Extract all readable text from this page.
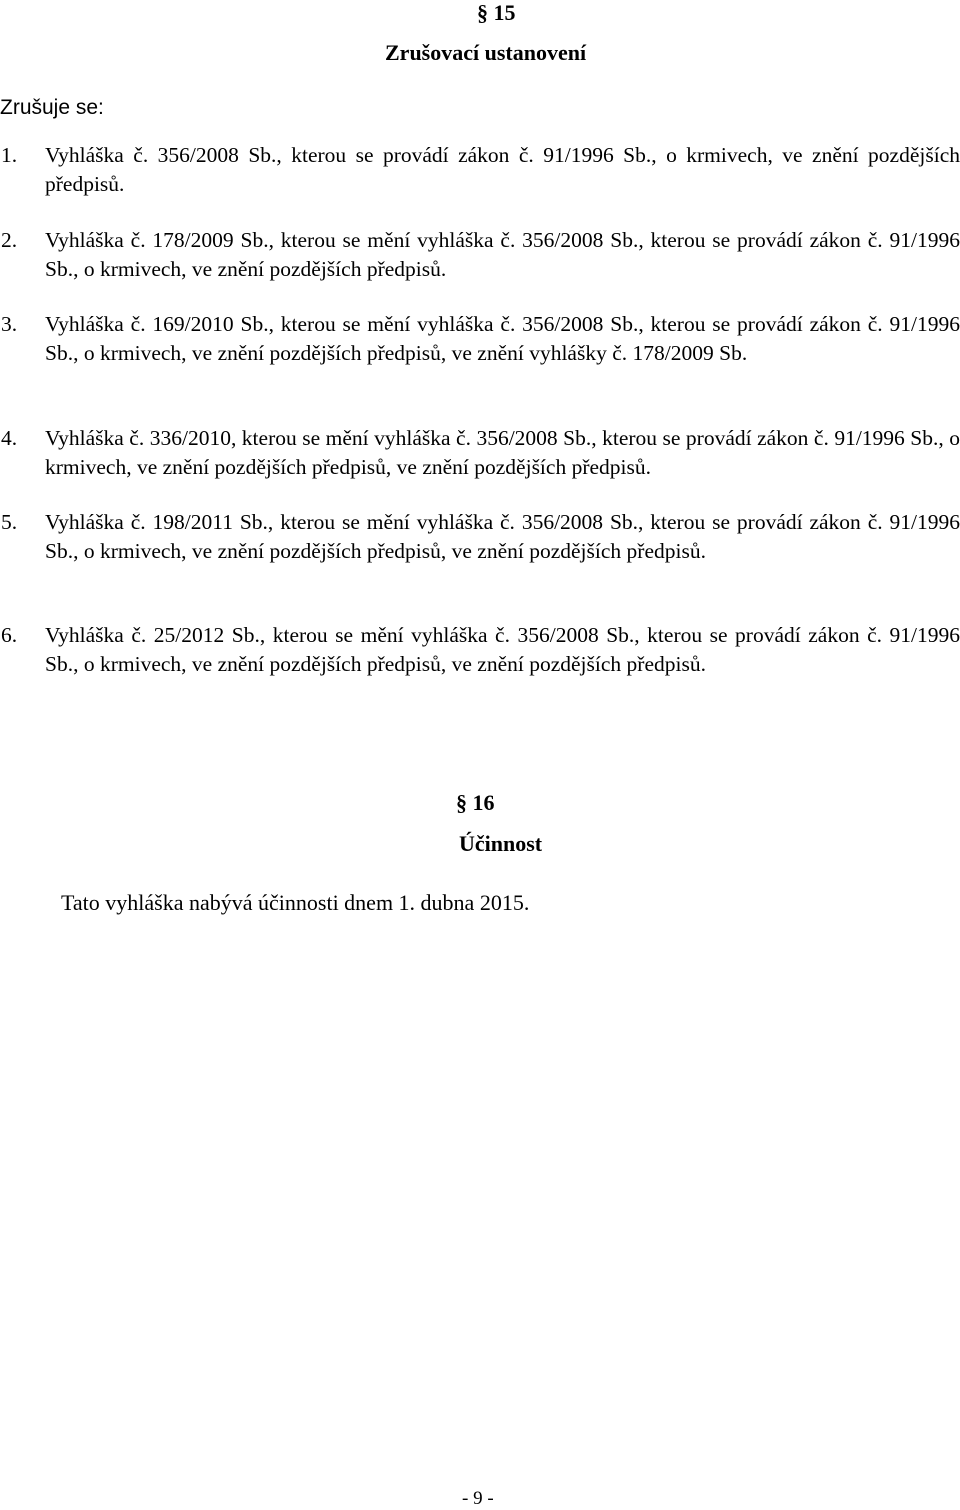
§ 15
Zrušovací ustanovení
Zrušuje se:
1. Vyhláška č. 356/2008 Sb., kterou se provádí zákon č. 91/1996 Sb., o krmivech, ve znění pozdějších předpisů.
2. Vyhláška č. 178/2009 Sb., kterou se mění vyhláška č. 356/2008 Sb., kterou se provádí zákon č. 91/1996 Sb., o krmivech, ve znění pozdějších předpisů.
3. Vyhláška č. 169/2010 Sb., kterou se mění vyhláška č. 356/2008 Sb., kterou se provádí zákon č. 91/1996 Sb., o krmivech, ve znění pozdějších předpisů, ve znění vyhlášky č. 178/2009 Sb.
4. Vyhláška č. 336/2010, kterou se mění vyhláška č. 356/2008 Sb., kterou se provádí zákon č. 91/1996 Sb., o krmivech, ve znění pozdějších předpisů, ve znění pozdějších předpisů.
5. Vyhláška č. 198/2011 Sb., kterou se mění vyhláška č. 356/2008 Sb., kterou se provádí zákon č. 91/1996 Sb., o krmivech, ve znění pozdějších předpisů, ve znění pozdějších předpisů.
6. Vyhláška č. 25/2012 Sb., kterou se mění vyhláška č. 356/2008 Sb., kterou se provádí zákon č. 91/1996 Sb., o krmivech, ve znění pozdějších předpisů, ve znění pozdějších předpisů.
§ 16
Účinnost
Tato vyhláška nabývá účinnosti dnem 1. dubna 2015.
- 9 -
